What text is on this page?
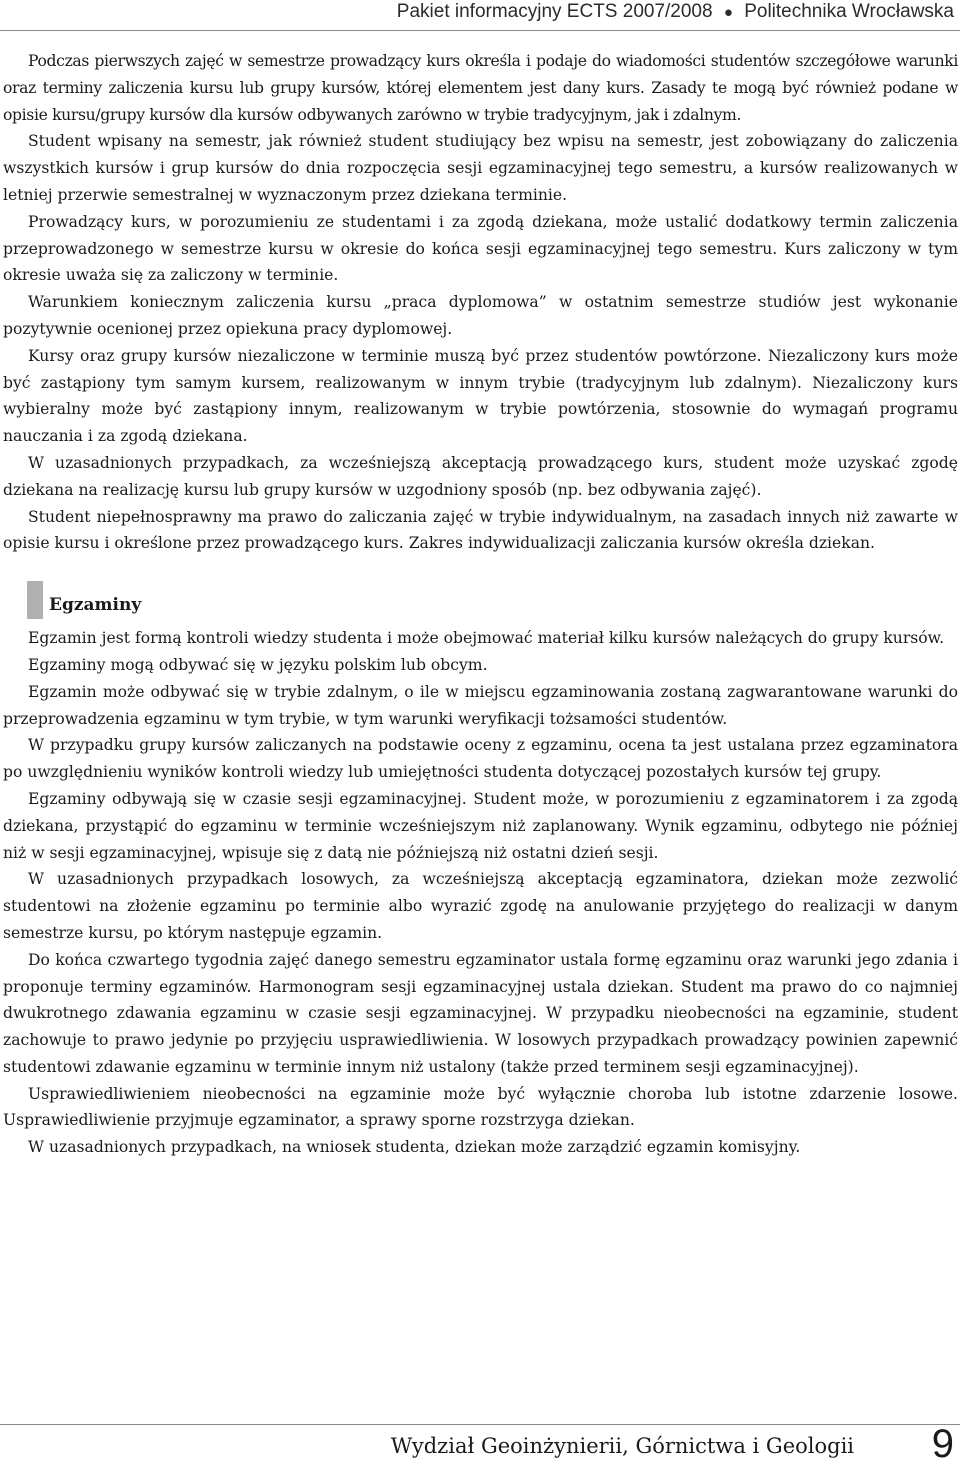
Pakiet informacyjny ECTS 2007/2008 ● Politechnika Wrocławska

Podczas pierwszych zajęć w semestrze prowadzący kurs określa i podaje do wiadomości studentów szczegółowe warunki oraz terminy zaliczenia kursu lub grupy kursów, której elementem jest dany kurs. Zasady te mogą być również podane w opisie kursu/grupy kursów dla kursów odbywanych zarówno w trybie tradycyjnym, jak i zdalnym.

Student wpisany na semestr, jak również student studiujący bez wpisu na semestr, jest zobowiązany do zaliczenia wszystkich kursów i grup kursów do dnia rozpoczęcia sesji egzaminacyjnej tego semestru, a kursów realizowanych w letniej przerwie semestralnej w wyznaczonym przez dziekana terminie.

Prowadzący kurs, w porozumieniu ze studentami i za zgodą dziekana, może ustalić dodatkowy termin zaliczenia przeprowadzonego w semestrze kursu w okresie do końca sesji egzaminacyjnej tego semestru. Kurs zaliczony w tym okresie uważa się za zaliczony w terminie.

Warunkiem koniecznym zaliczenia kursu „praca dyplomowa” w ostatnim semestrze studiów jest wykonanie pozytywnie ocenionej przez opiekuna pracy dyplomowej.

Kursy oraz grupy kursów niezaliczone w terminie muszą być przez studentów powtórzone. Niezaliczony kurs może być zastąpiony tym samym kursem, realizowanym w innym trybie (tradycyjnym lub zdalnym). Niezaliczony kurs wybieralny może być zastąpiony innym, realizowanym w trybie powtórzenia, stosownie do wymagań programu nauczania i za zgodą dziekana.

W uzasadnionych przypadkach, za wcześniejszą akceptacją prowadzącego kurs, student może uzyskać zgodę dziekana na realizację kursu lub grupy kursów w uzgodniony sposób (np. bez odbywania zajęć).

Student niepełnosprawny ma prawo do zaliczania zajęć w trybie indywidualnym, na zasadach innych niż zawarte w opisie kursu i określone przez prowadzącego kurs. Zakres indywidualizacji zaliczania kursów określa dziekan.

Egzaminy

Egzamin jest formą kontroli wiedzy studenta i może obejmować materiał kilku kursów należących do grupy kursów.

Egzaminy mogą odbywać się w języku polskim lub obcym.

Egzamin może odbywać się w trybie zdalnym, o ile w miejscu egzaminowania zostaną zagwarantowane warunki do przeprowadzenia egzaminu w tym trybie, w tym warunki weryfikacji tożsamości studentów.

W przypadku grupy kursów zaliczanych na podstawie oceny z egzaminu, ocena ta jest ustalana przez egzaminatora po uwzględnieniu wyników kontroli wiedzy lub umiejętności studenta dotyczącej pozostałych kursów tej grupy.

Egzaminy odbywają się w czasie sesji egzaminacyjnej. Student może, w porozumieniu z egzaminatorem i za zgodą dziekana, przystąpić do egzaminu w terminie wcześniejszym niż zaplanowany. Wynik egzaminu, odbytego nie później niż w sesji egzaminacyjnej, wpisuje się z datą nie późniejszą niż ostatni dzień sesji.

W uzasadnionych przypadkach losowych, za wcześniejszą akceptacją egzaminatora, dziekan może zezwolić studentowi na złożenie egzaminu po terminie albo wyrazić zgodę na anulowanie przyjętego do realizacji w danym semestrze kursu, po którym następuje egzamin.

Do końca czwartego tygodnia zajęć danego semestru egzaminator ustala formę egzaminu oraz warunki jego zdania i proponuje terminy egzaminów. Harmonogram sesji egzaminacyjnej ustala dziekan. Student ma prawo do co najmniej dwukrotnego zdawania egzaminu w czasie sesji egzaminacyjnej. W przypadku nieobecności na egzaminie, student zachowuje to prawo jedynie po przyjęciu usprawiedliwienia. W losowych przypadkach prowadzący powinien zapewnić studentowi zdawanie egzaminu w terminie innym niż ustalony (także przed terminem sesji egzaminacyjnej).

Usprawiedliwieniem nieobecności na egzaminie może być wyłącznie choroba lub istotne zdarzenie losowe. Usprawiedliwienie przyjmuje egzaminator, a sprawy sporne rozstrzyga dziekan.

W uzasadnionych przypadkach, na wniosek studenta, dziekan może zarządzić egzamin komisyjny.

Wydział Geoinżynierii, Górnictwa i Geologii 9
